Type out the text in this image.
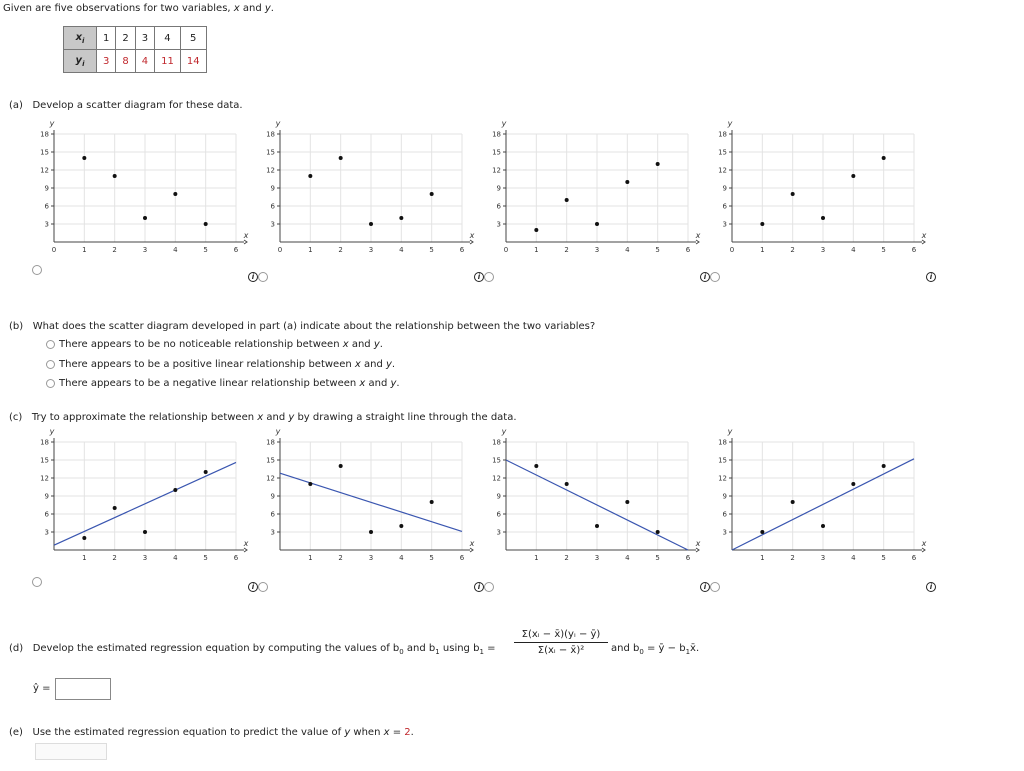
Given are five observations for two variables, x and y.
$x_i$	1	2	3	4	5
$y_i$	3	8	4	11	14
(a) Develop a scatter diagram for these data.
3
6
9
12
15
18
0	1	2	3	4	5	6
y
x
3
6
9
12
15
18
0	1	2	3	4	5	6
y
x
3
6
9
12
15
18
0	1	2	3	4	5	6
y
x
3
6
9
12
15
18
0	1	2	3	4	5	6
y
x
i	i	i	i
(b) What does the scatter diagram developed in part (a) indicate about the relationship between the two variables?
There appears to be no noticeable relationship between x and y.
There appears to be a positive linear relationship between x and y.
There appears to be a negative linear relationship between x and y.
(c) Try to approximate the relationship between x and y by drawing a straight line through the data.
3
6
9
12
15
18
1	2	3	4	5	6
y
x
3
6
9
12
15
18
1	2	3	4	5	6
y
x
3
6
9
12
15
18
1	2	3	4	5	6
y
x
3
6
9
12
15
18
1	2	3	4	5	6
y
x
i	i	i	i
(d) Develop the estimated regression equation by computing the values of $b_0$ and $b_1$ using $b_1 = \frac{\text{Σ(xᵢ − x̄)(yᵢ − ȳ)}}{\text{Σ(xᵢ − x̄)²}}$ and $b_0$ = ȳ − $b_1x̄$.
ŷ =
(e) Use the estimated regression equation to predict the value of y when x = 2.
